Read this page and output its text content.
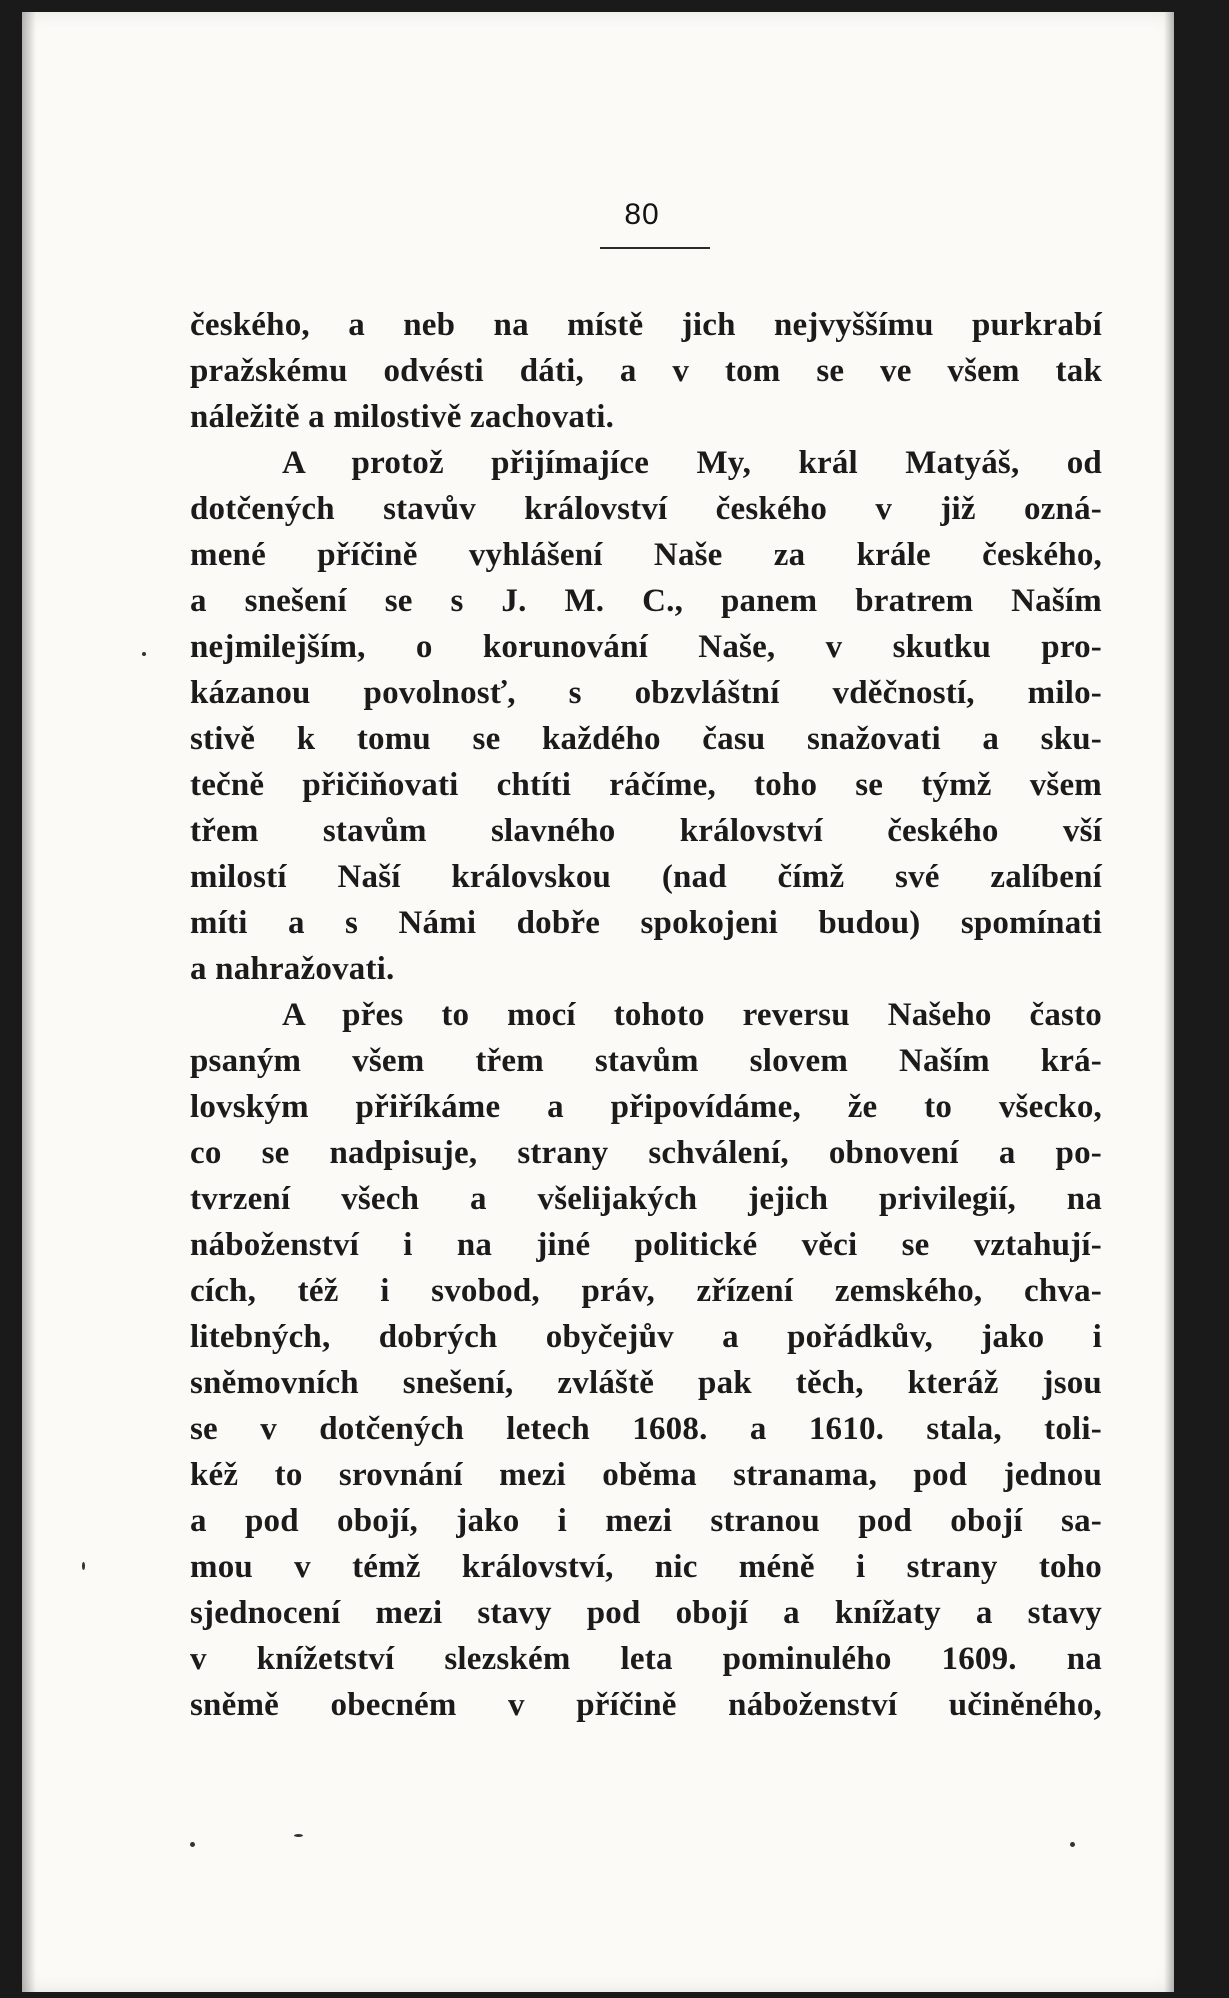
80
českého, a neb na místě jich nejvyššímu purkrabí
pražskému odvésti dáti, a v tom se ve všem tak
náležitě a milostivě zachovati.
A protož přijímajíce My, král Matyáš, od
dotčených stavův království českého v již ozná-
mené příčině vyhlášení Naše za krále českého,
a snešení se s J. M. C., panem bratrem Naším
nejmilejším, o korunování Naše, v skutku pro-
kázanou povolnosť, s obzvláštní vděčností, milo-
stivě k tomu se každého času snažovati a sku-
tečně přičiňovati chtíti ráčíme, toho se týmž všem
třem stavům slavného království českého vší
milostí Naší královskou (nad čímž své zalíbení
míti a s Námi dobře spokojeni budou) spomínati
a nahražovati.
A přes to mocí tohoto reversu Našeho často
psaným všem třem stavům slovem Naším krá-
lovským přiříkáme a připovídáme, že to všecko,
co se nadpisuje, strany schválení, obnovení a po-
tvrzení všech a všelijakých jejich privilegií, na
náboženství i na jiné politické věci se vztahují-
cích, též i svobod, práv, zřízení zemského, chva-
litebných, dobrých obyčejův a pořádkův, jako i
sněmovních snešení, zvláště pak těch, kteráž jsou
se v dotčených letech 1608. a 1610. stala, toli-
kéž to srovnání mezi oběma stranama, pod jednou
a pod obojí, jako i mezi stranou pod obojí sa-
mou v témž království, nic méně i strany toho
sjednocení mezi stavy pod obojí a knížaty a stavy
v knížetství slezském leta pominulého 1609. na
sněmě obecném v příčině náboženství učiněného,
